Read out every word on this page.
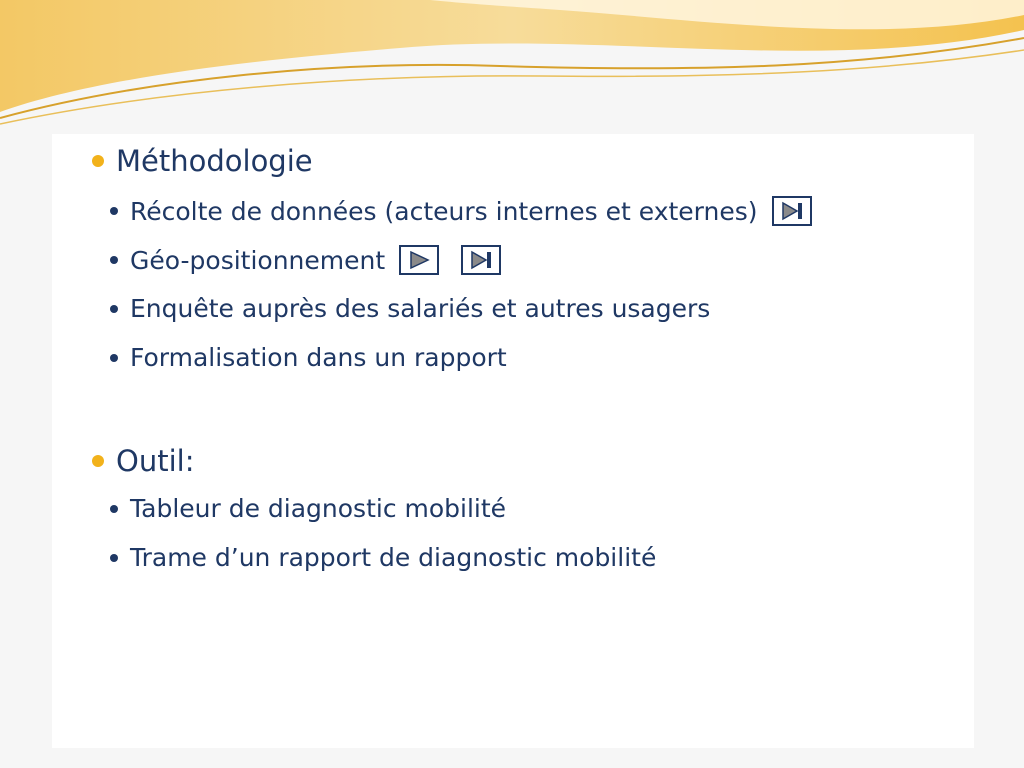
Méthodologie
Récolte de données (acteurs internes et externes)
Géo-positionnement
Enquête auprès des salariés et autres usagers
Formalisation dans un rapport
Outil:
Tableur de diagnostic mobilité
Trame d’un rapport de diagnostic mobilité
